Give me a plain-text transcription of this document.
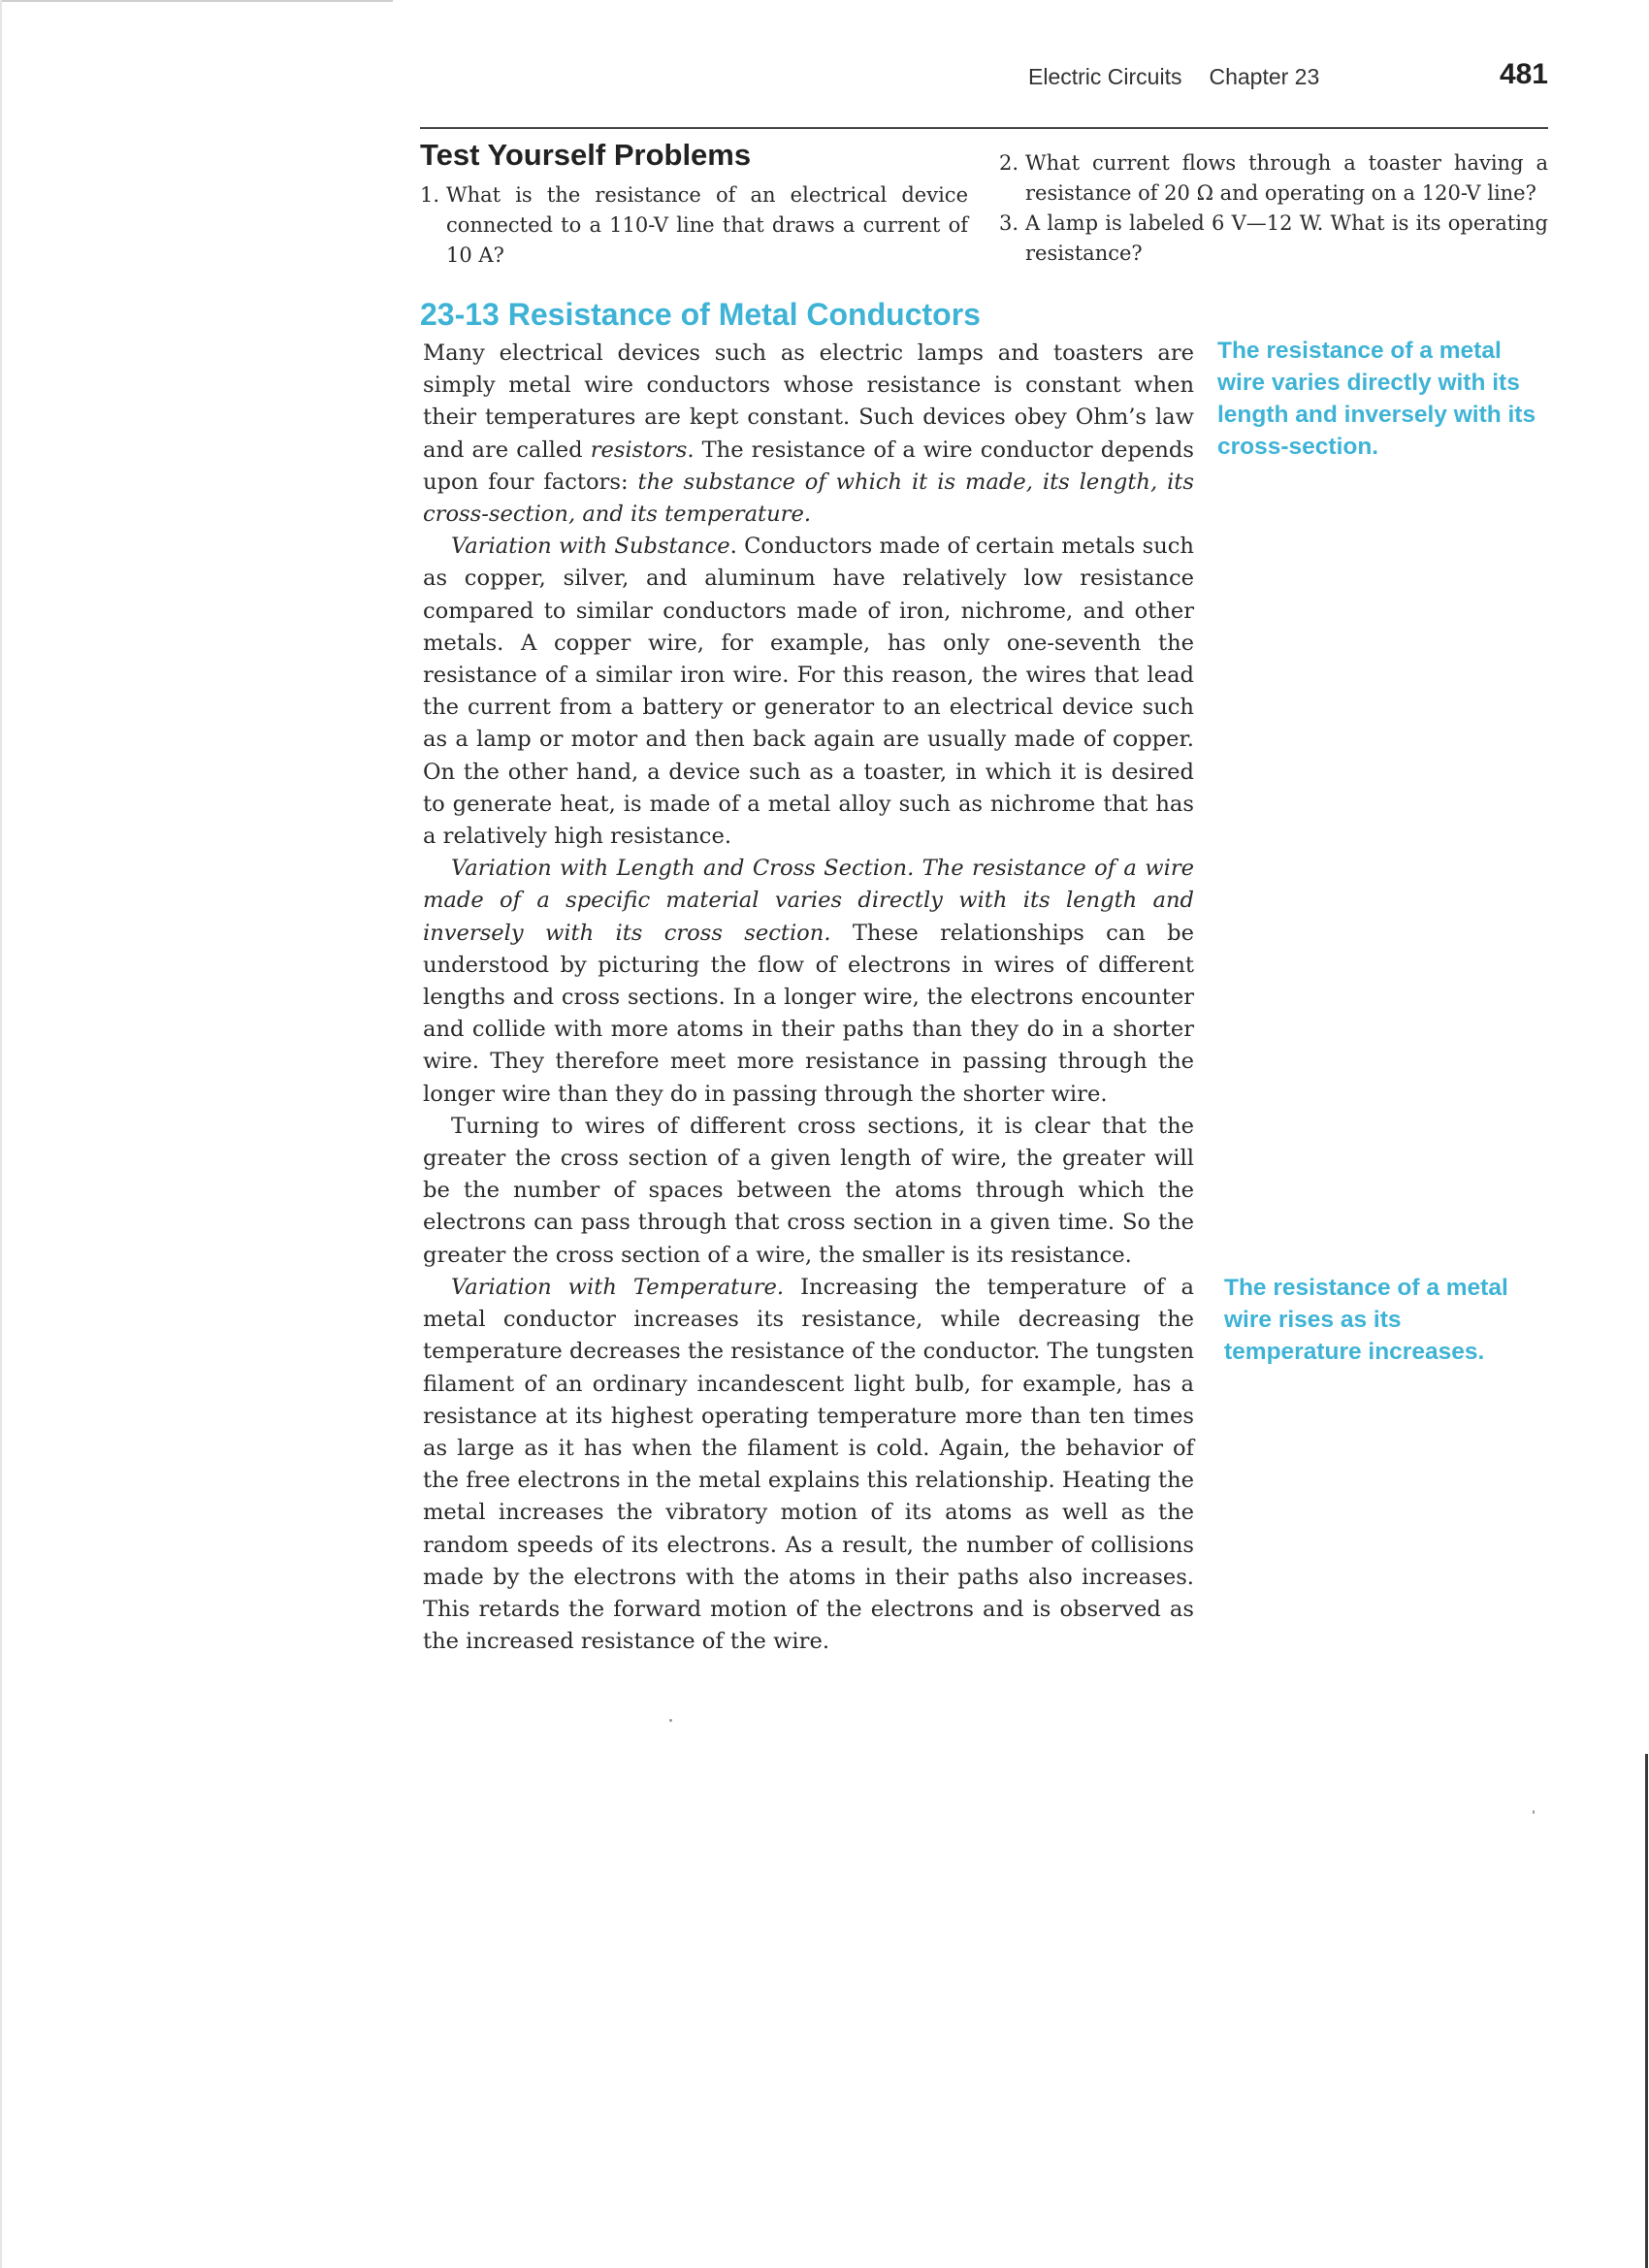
Electric Circuits Chapter 23	481
Test Yourself Problems
1. What is the resistance of an electrical device connected to a 110-V line that draws a current of 10 A?
2. What current flows through a toaster having a resistance of 20 Ω and operating on a 120-V line?
3. A lamp is labeled 6 V—12 W. What is its operating resistance?
23-13 Resistance of Metal Conductors

Many electrical devices such as electric lamps and toasters are simply metal wire conductors whose resistance is constant when their temperatures are kept constant. Such devices obey Ohm’s law and are called resistors. The resistance of a wire conductor depends upon four factors: the substance of which it is made, its length, its cross-section, and its temperature.

Variation with Substance. Conductors made of certain metals such as copper, silver, and aluminum have relatively low resistance compared to similar conductors made of iron, nichrome, and other metals. A copper wire, for example, has only one-seventh the resistance of a similar iron wire. For this reason, the wires that lead the current from a battery or generator to an electrical device such as a lamp or motor and then back again are usually made of copper. On the other hand, a device such as a toaster, in which it is desired to generate heat, is made of a metal alloy such as nichrome that has a relatively high resistance.

Variation with Length and Cross Section. The resistance of a wire made of a specific material varies directly with its length and inversely with its cross section. These relationships can be understood by picturing the flow of electrons in wires of different lengths and cross sections. In a longer wire, the electrons encounter and collide with more atoms in their paths than they do in a shorter wire. They therefore meet more resistance in passing through the longer wire than they do in passing through the shorter wire.

Turning to wires of different cross sections, it is clear that the greater the cross section of a given length of wire, the greater will be the number of spaces between the atoms through which the electrons can pass through that cross section in a given time. So the greater the cross section of a wire, the smaller is its resistance.

Variation with Temperature. Increasing the temperature of a metal conductor increases its resistance, while decreasing the temperature decreases the resistance of the conductor. The tungsten filament of an ordinary incandescent light bulb, for example, has a resistance at its highest operating temperature more than ten times as large as it has when the filament is cold. Again, the behavior of the free electrons in the metal explains this relationship. Heating the metal increases the vibratory motion of its atoms as well as the random speeds of its electrons. As a result, the number of collisions made by the electrons with the atoms in their paths also increases. This retards the forward motion of the electrons and is observed as the increased resistance of the wire.

The resistance of a metal wire varies directly with its length and inversely with its cross-section.
The resistance of a metal wire rises as its temperature increases.
